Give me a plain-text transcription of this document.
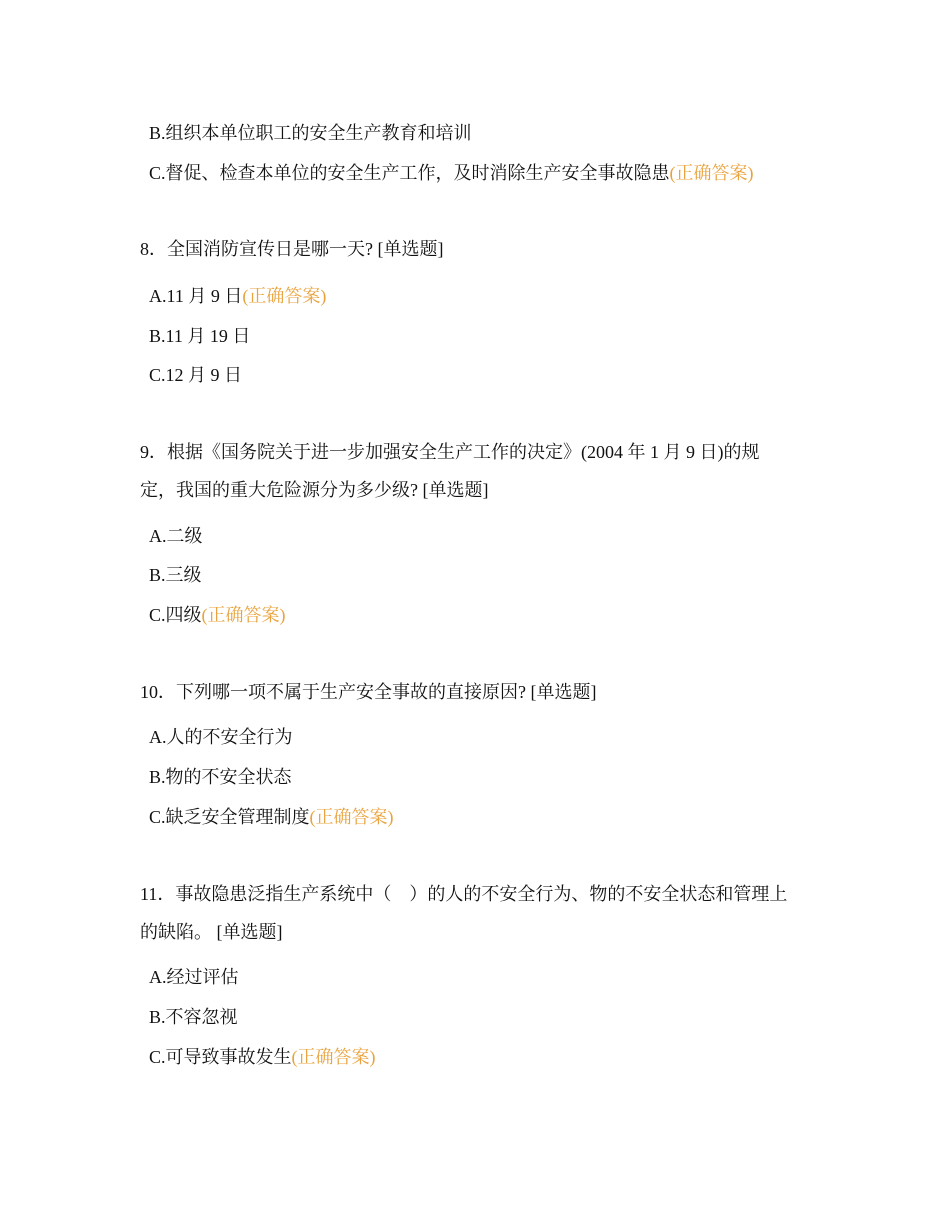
B.组织本单位职工的安全生产教育和培训
C.督促、检查本单位的安全生产工作，及时消除生产安全事故隐患(正确答案)
8．全国消防宣传日是哪一天? [单选题]
A.11 月 9 日(正确答案)
B.11 月 19 日
C.12 月 9 日
9．根据《国务院关于进一步加强安全生产工作的决定》(2004 年 1 月 9 日)的规
定，我国的重大危险源分为多少级? [单选题]
A.二级
B.三级
C.四级(正确答案)
10．下列哪一项不属于生产安全事故的直接原因? [单选题]
A.人的不安全行为
B.物的不安全状态
C.缺乏安全管理制度(正确答案)
11．事故隐患泛指生产系统中（　）的人的不安全行为、物的不安全状态和管理上
的缺陷。 [单选题]
A.经过评估
B.不容忽视
C.可导致事故发生(正确答案)
